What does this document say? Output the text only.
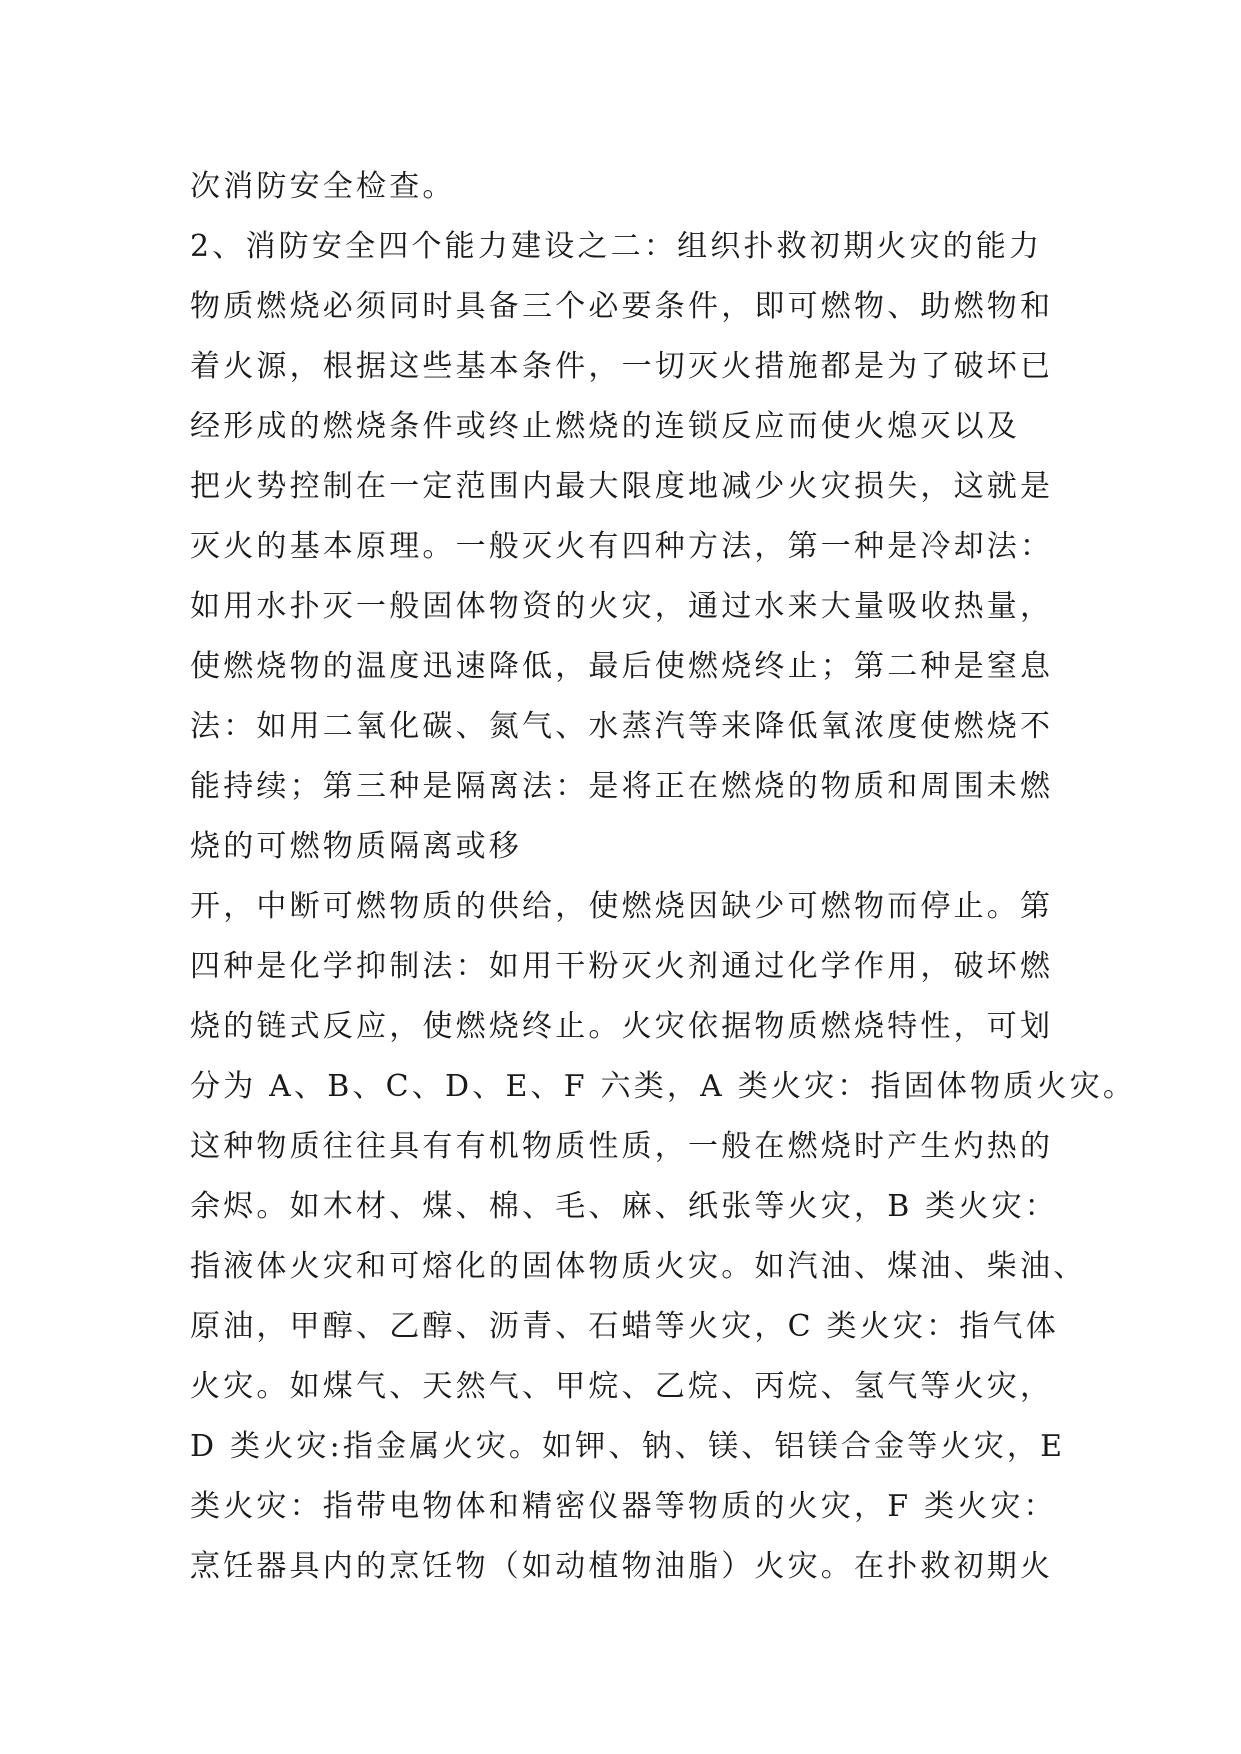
次消防安全检查。
2、消防安全四个能力建设之二：组织扑救初期火灾的能力
物质燃烧必须同时具备三个必要条件，即可燃物、助燃物和
着火源，根据这些基本条件，一切灭火措施都是为了破坏已
经形成的燃烧条件或终止燃烧的连锁反应而使火熄灭以及
把火势控制在一定范围内最大限度地减少火灾损失，这就是
灭火的基本原理。一般灭火有四种方法，第一种是冷却法：
如用水扑灭一般固体物资的火灾，通过水来大量吸收热量，
使燃烧物的温度迅速降低，最后使燃烧终止；第二种是窒息
法：如用二氧化碳、氮气、水蒸汽等来降低氧浓度使燃烧不
能持续；第三种是隔离法：是将正在燃烧的物质和周围未燃
烧的可燃物质隔离或移
开，中断可燃物质的供给，使燃烧因缺少可燃物而停止。第
四种是化学抑制法：如用干粉灭火剂通过化学作用，破坏燃
烧的链式反应，使燃烧终止。火灾依据物质燃烧特性，可划
分为 A、B、C、D、E、F 六类，A 类火灾：指固体物质火灾。
这种物质往往具有有机物质性质，一般在燃烧时产生灼热的
余烬。如木材、煤、棉、毛、麻、纸张等火灾，B 类火灾：
指液体火灾和可熔化的固体物质火灾。如汽油、煤油、柴油、
原油，甲醇、乙醇、沥青、石蜡等火灾，C 类火灾：指气体
火灾。如煤气、天然气、甲烷、乙烷、丙烷、氢气等火灾，
D 类火灾:指金属火灾。如钾、钠、镁、铝镁合金等火灾，E
类火灾：指带电物体和精密仪器等物质的火灾，F 类火灾：
烹饪器具内的烹饪物（如动植物油脂）火灾。在扑救初期火
